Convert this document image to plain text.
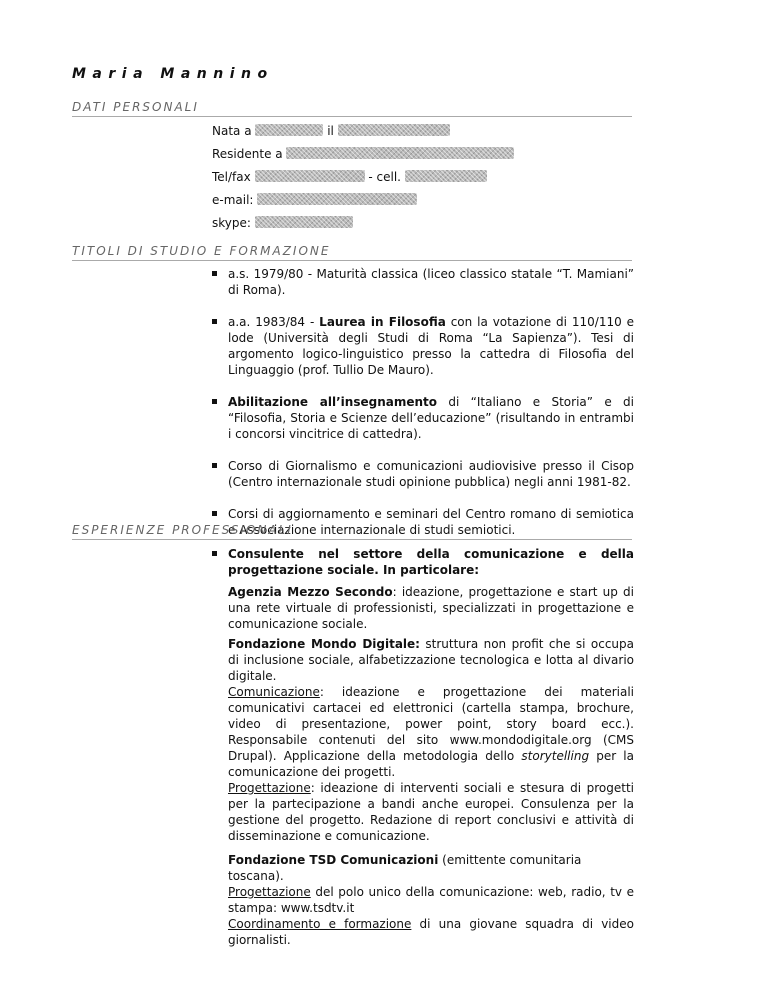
Maria Mannino
DATI PERSONALI
Nata a	il
Residente a
Tel/fax	- cell.
e-mail:
skype:
TITOLI DI STUDIO E FORMAZIONE
a.s. 1979/80 - Maturità classica (liceo classico statale “T. Mamiani” di Roma).
a.a. 1983/84 - Laurea in Filosofia con la votazione di 110/110 e lode (Università degli Studi di Roma “La Sapienza”). Tesi di argomento logico-linguistico presso la cattedra di Filosofia del Linguaggio (prof. Tullio De Mauro).
Abilitazione all’insegnamento di “Italiano e Storia” e di “Filosofia, Storia e Scienze dell’educazione” (risultando in entrambi i concorsi vincitrice di cattedra).
Corso di Giornalismo e comunicazioni audiovisive presso il Cisop (Centro internazionale studi opinione pubblica) negli anni 1981-82.
Corsi di aggiornamento e seminari del Centro romano di semiotica e Associazione internazionale di studi semiotici.
ESPERIENZE PROFESSIONALI
Consulente nel settore della comunicazione e della
progettazione sociale. In particolare:

Agenzia Mezzo Secondo: ideazione, progettazione e start up di una rete virtuale di professionisti, specializzati in progettazione e comunicazione sociale.

Fondazione Mondo Digitale: struttura non profit che si occupa di inclusione sociale, alfabetizzazione tecnologica e lotta al divario digitale.

Comunicazione: ideazione e progettazione dei materiali comunicativi cartacei ed elettronici (cartella stampa, brochure, video di presentazione, power point, story board ecc.). Responsabile contenuti del sito www.mondodigitale.org (CMS Drupal). Applicazione della metodologia dello storytelling per la comunicazione dei progetti.

Progettazione: ideazione di interventi sociali e stesura di progetti per la partecipazione a bandi anche europei. Consulenza per la gestione del progetto. Redazione di report conclusivi e attività di disseminazione e comunicazione.

Fondazione TSD Comunicazioni (emittente comunitaria toscana).

Progettazione del polo unico della comunicazione: web, radio, tv e stampa: www.tsdtv.it

Coordinamento e formazione di una giovane squadra di video giornalisti.
